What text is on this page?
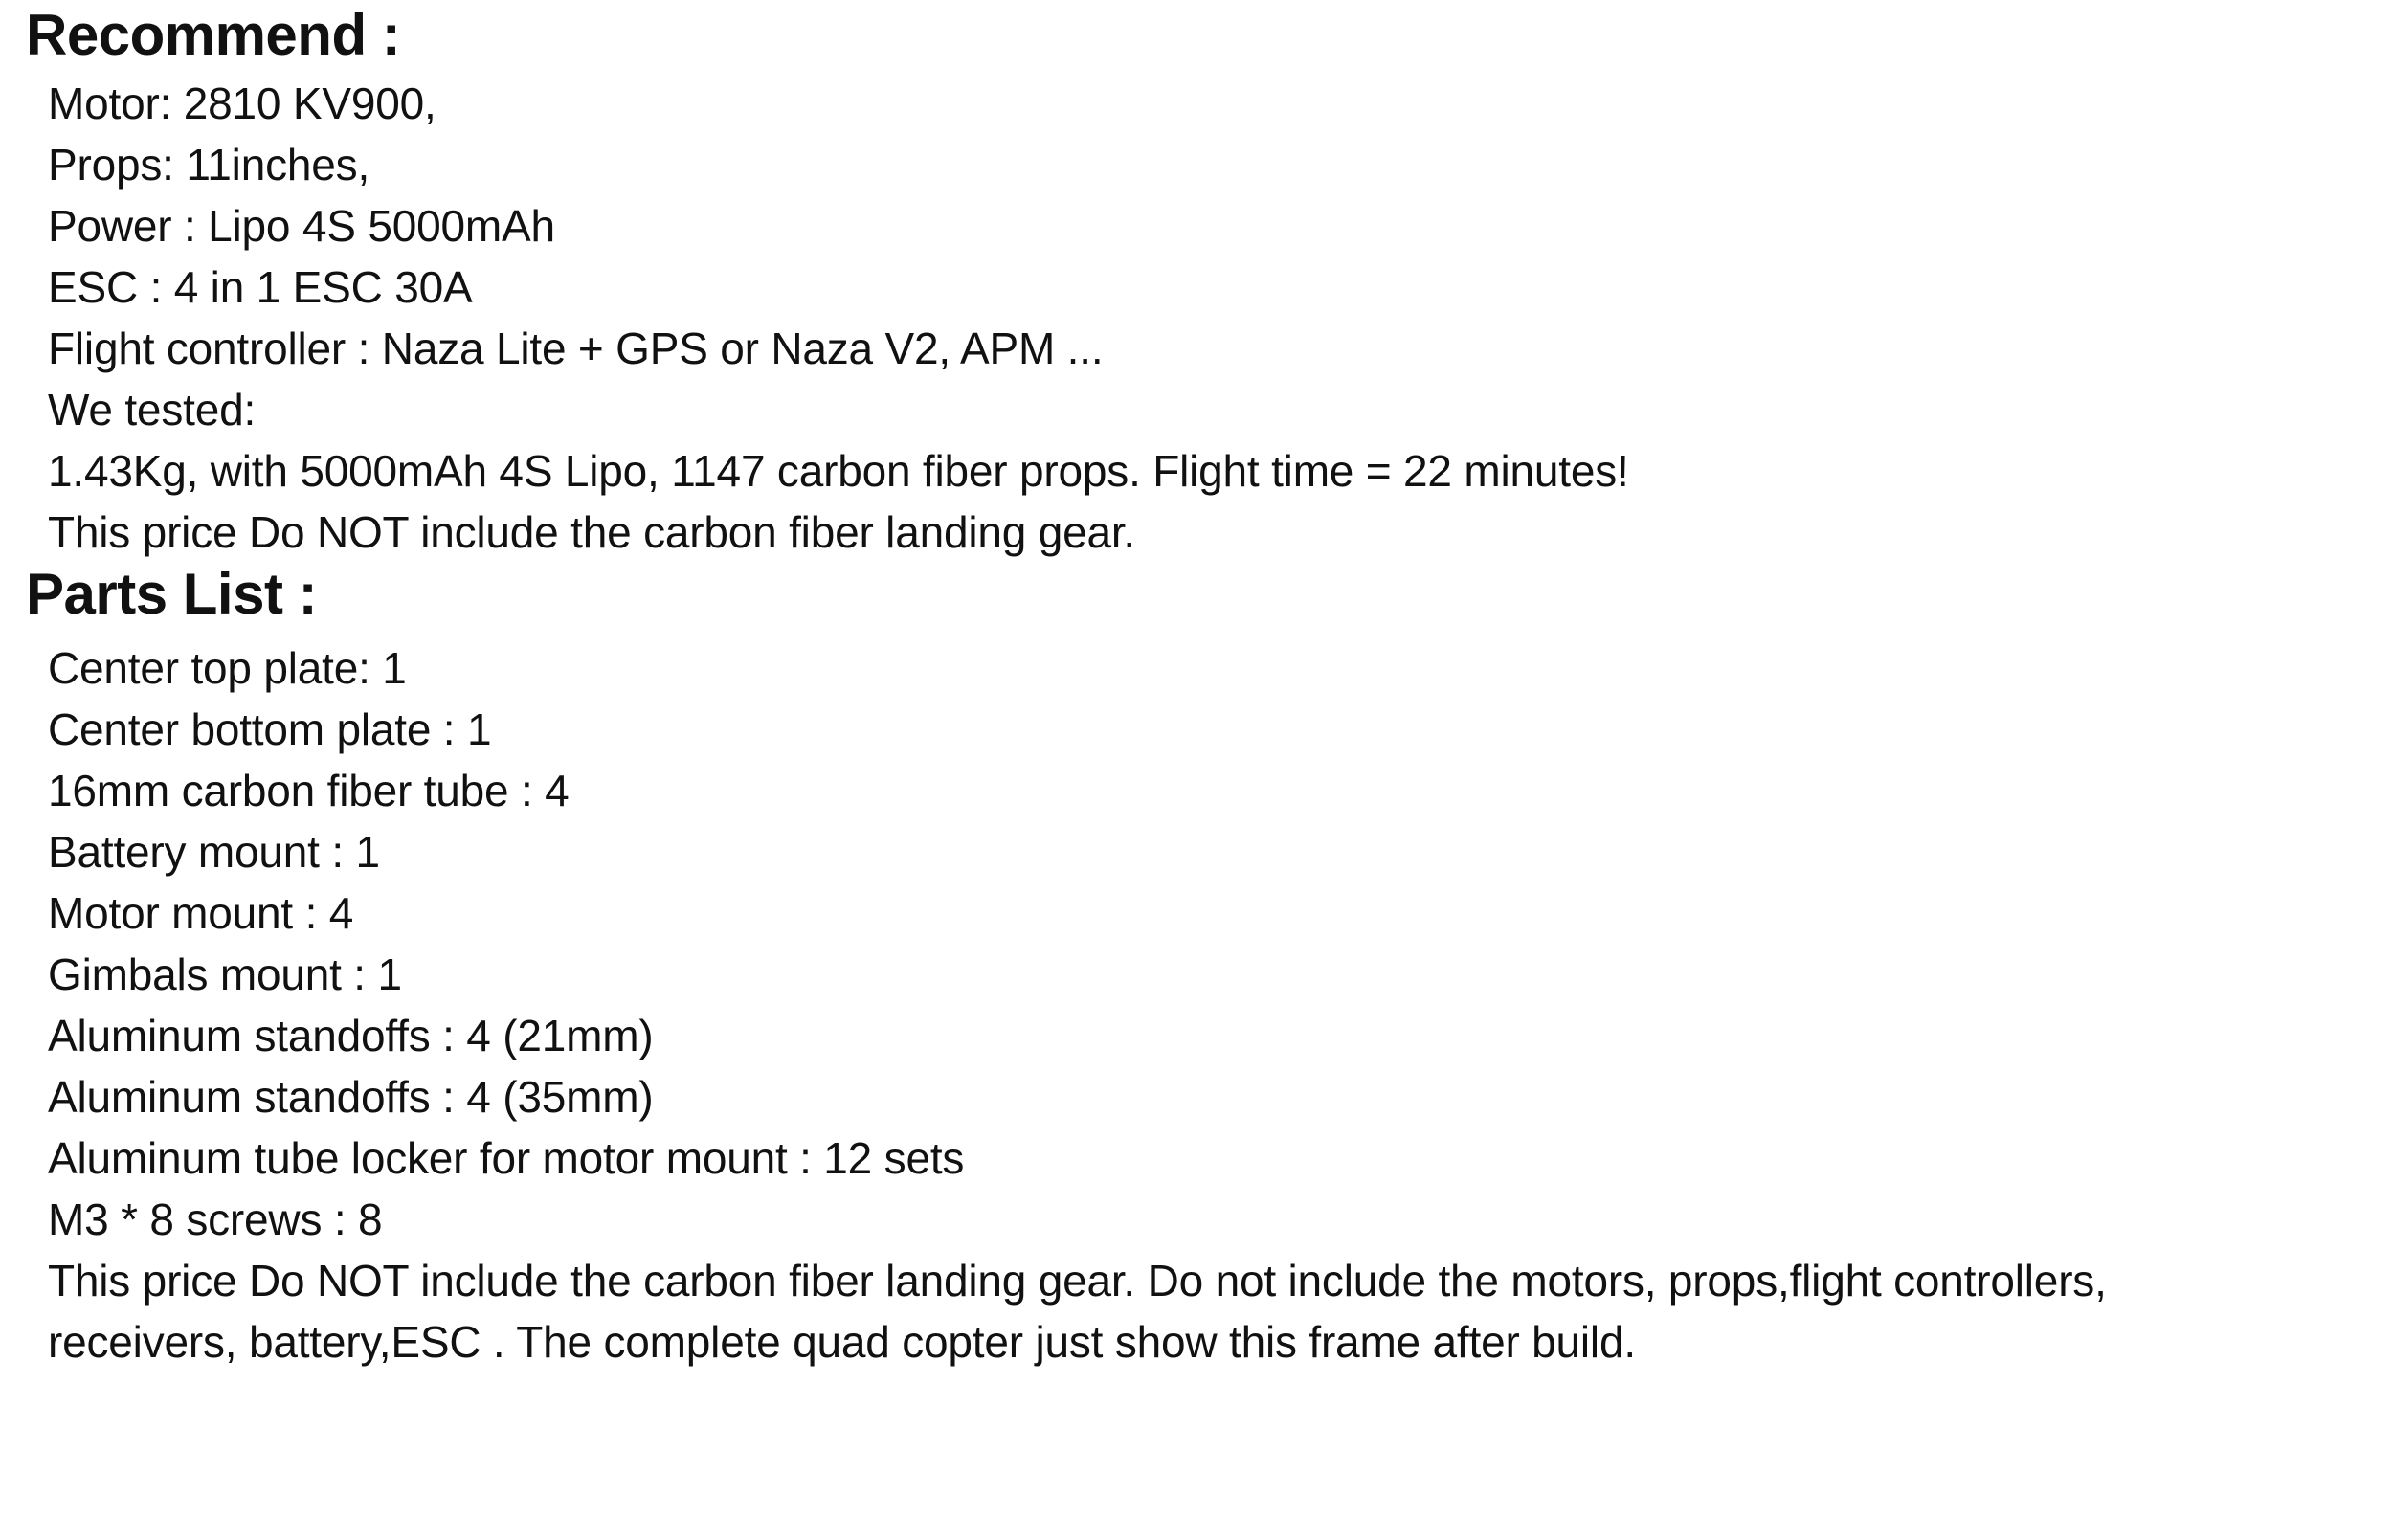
Recommend :
Motor: 2810 KV900,
Props: 11inches,
Power : Lipo 4S 5000mAh
ESC : 4 in 1 ESC 30A
Flight controller : Naza Lite + GPS or Naza V2, APM ...
We tested:
1.43Kg, with 5000mAh 4S Lipo, 1147 carbon fiber props. Flight time = 22 minutes!
This price Do NOT include the carbon fiber landing gear.
Parts List :
Center top plate: 1
Center bottom plate : 1
16mm carbon fiber tube : 4
Battery mount : 1
Motor mount : 4
Gimbals mount : 1
Aluminum standoffs : 4 (21mm)
Aluminum standoffs : 4 (35mm)
Aluminum tube locker for motor mount : 12 sets
M3 * 8 screws : 8
This price Do NOT include the carbon fiber landing gear. Do not include the motors, props,flight controllers,
receivers, battery,ESC . The complete quad copter just show this frame after build.
